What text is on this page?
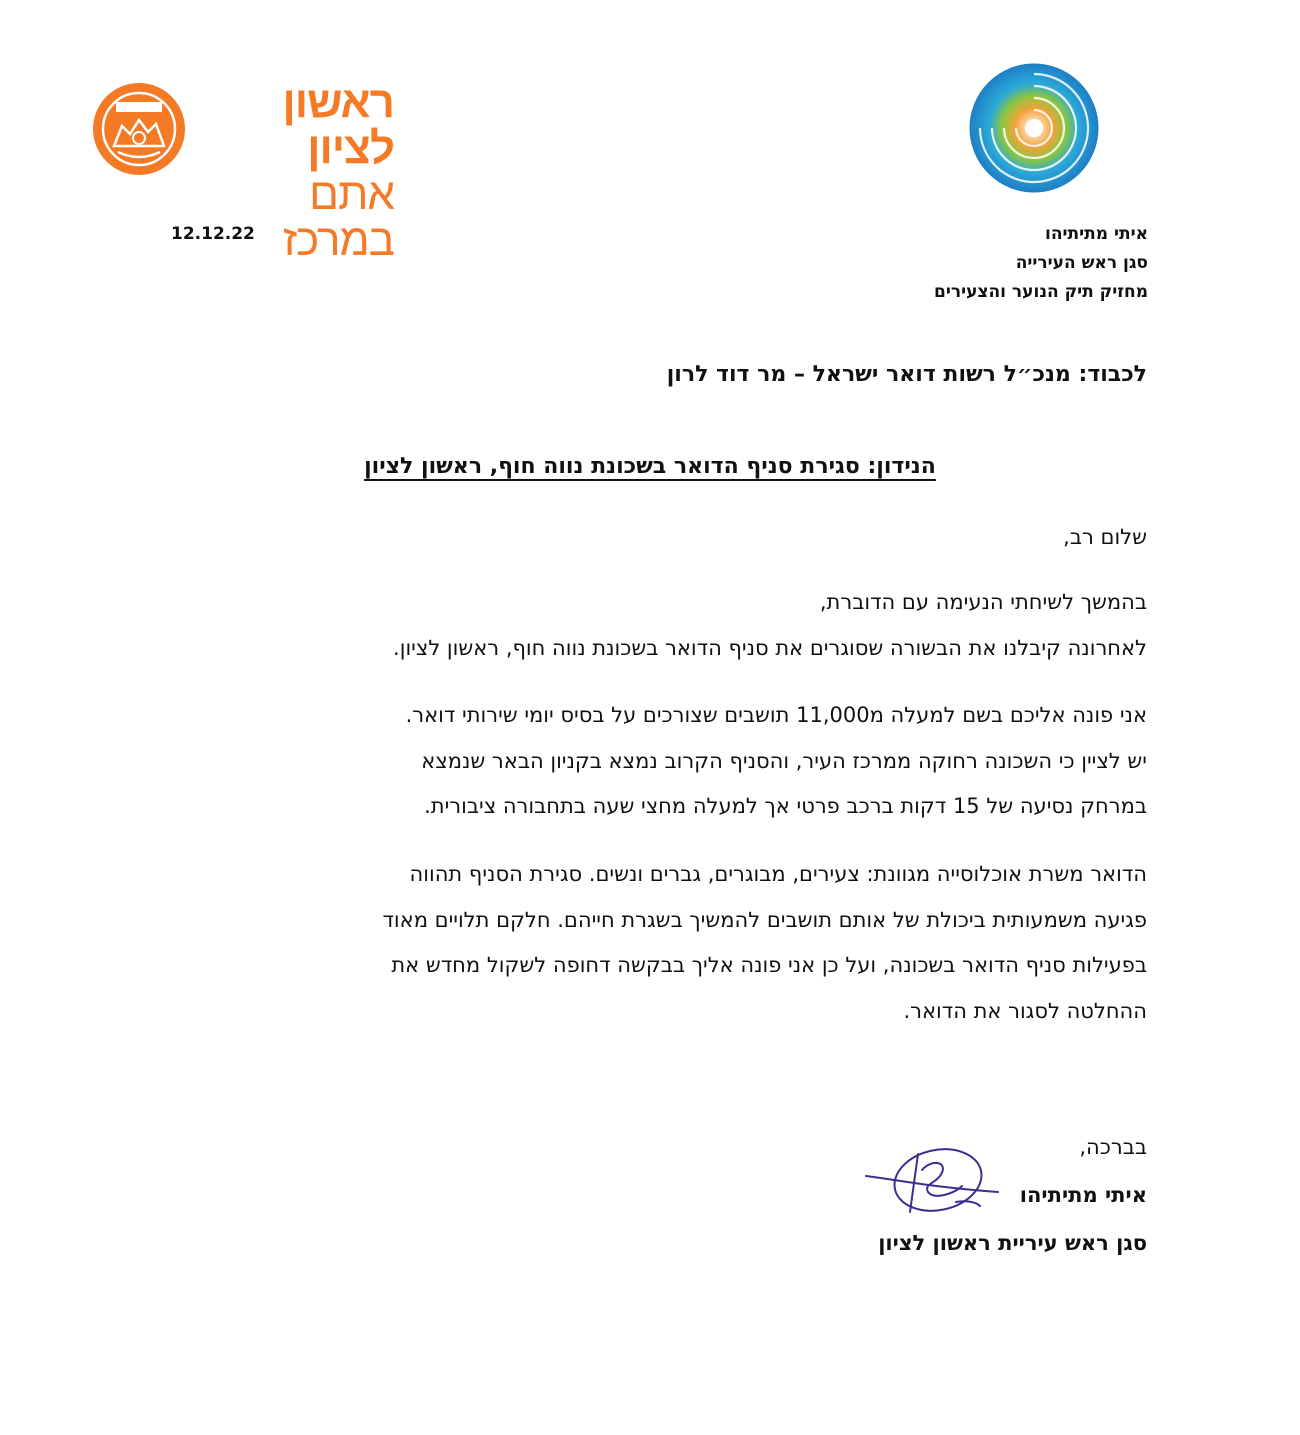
ראשון לציון
אתם במרכז	איתי מתיתיהו
סגן ראש העירייה
מחזיק תיק הנוער והצעירים
12.12.22
לכבוד: מנכ״ל רשות דואר ישראל – מר דוד לרון
הנידון: סגירת סניף הדואר בשכונת נווה חוף, ראשון לציון
שלום רב,
בהמשך לשיחתי הנעימה עם הדוברת,
לאחרונה קיבלנו את הבשורה שסוגרים את סניף הדואר בשכונת נווה חוף, ראשון לציון.
אני פונה אליכם בשם למעלה מ11,000 תושבים שצורכים על בסיס יומי שירותי דואר.
יש לציין כי השכונה רחוקה ממרכז העיר, והסניף הקרוב נמצא בקניון הבאר שנמצא
במרחק נסיעה של 15 דקות ברכב פרטי אך למעלה מחצי שעה בתחבורה ציבורית.
הדואר משרת אוכלוסייה מגוונת: צעירים, מבוגרים, גברים ונשים. סגירת הסניף תהווה
פגיעה משמעותית ביכולת של אותם תושבים להמשיך בשגרת חייהם. חלקם תלויים מאוד
בפעילות סניף הדואר בשכונה, ועל כן אני פונה אליך בבקשה דחופה לשקול מחדש את
ההחלטה לסגור את הדואר.
בברכה,
איתי מתיתיהו
סגן ראש עיריית ראשון לציון
